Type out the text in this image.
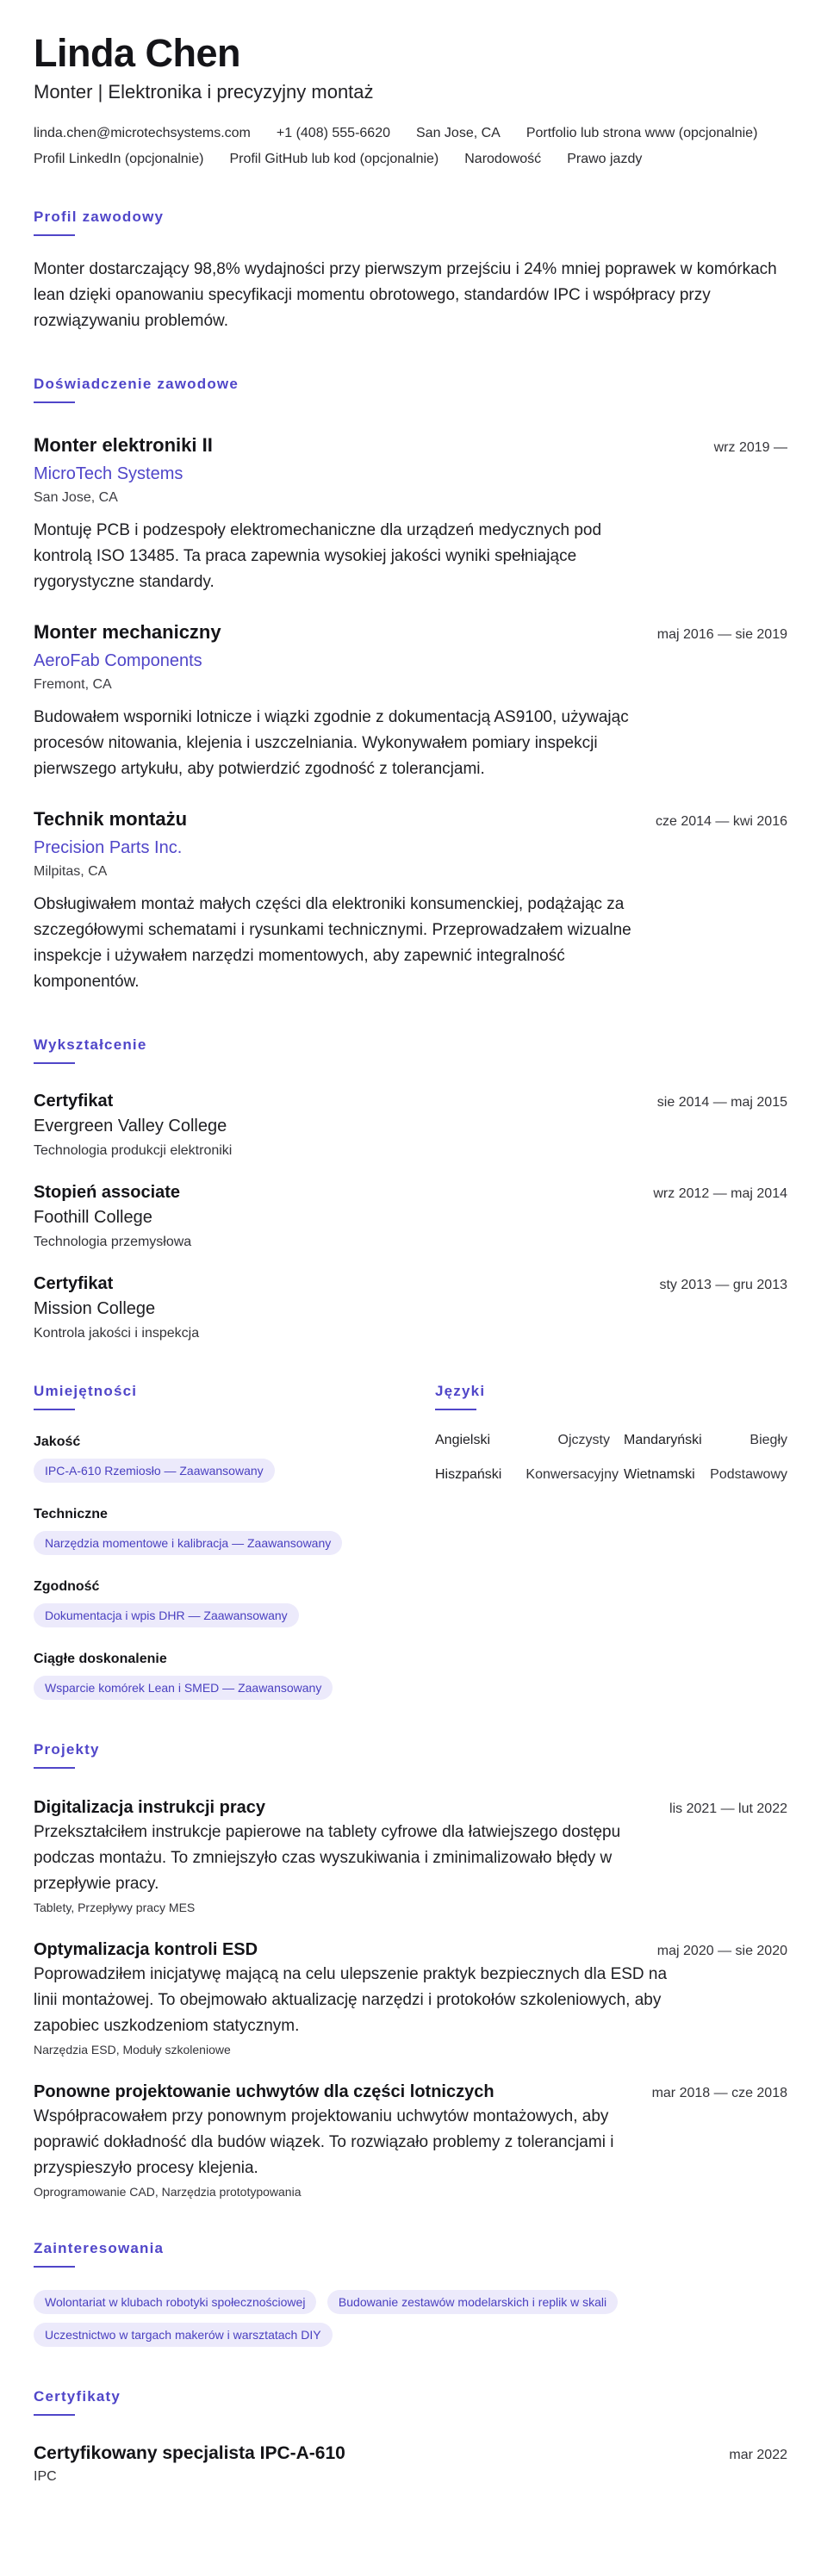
Linda Chen
Monter | Elektronika i precyzyjny montaż
linda.chen@microtechsystems.com +1 (408) 555-6620 San Jose, CA Portfolio lub strona www (opcjonalnie)
Profil LinkedIn (opcjonalnie) Profil GitHub lub kod (opcjonalnie) Narodowość Prawo jazdy
Profil zawodowy

Monter dostarczający 98,8% wydajności przy pierwszym przejściu i 24% mniej poprawek w komórkach lean dzięki opanowaniu specyfikacji momentu obrotowego, standardów IPC i współpracy przy rozwiązywaniu problemów.

Doświadczenie zawodowe
Monter elektroniki II	wrz 2019 —
MicroTech Systems
San Jose, CA

Montuję PCB i podzespoły elektromechaniczne dla urządzeń medycznych pod kontrolą ISO 13485. Ta praca zapewnia wysokiej jakości wyniki spełniające rygorystyczne standardy.

Monter mechaniczny	maj 2016 — sie 2019
AeroFab Components
Fremont, CA

Budowałem wsporniki lotnicze i wiązki zgodnie z dokumentacją AS9100, używając procesów nitowania, klejenia i uszczelniania. Wykonywałem pomiary inspekcji pierwszego artykułu, aby potwierdzić zgodność z tolerancjami.

Technik montażu	cze 2014 — kwi 2016
Precision Parts Inc.
Milpitas, CA

Obsługiwałem montaż małych części dla elektroniki konsumenckiej, podążając za szczegółowymi schematami i rysunkami technicznymi. Przeprowadzałem wizualne inspekcje i używałem narzędzi momentowych, aby zapewnić integralność komponentów.

Wykształcenie
Certyfikat	sie 2014 — maj 2015
Evergreen Valley College
Technologia produkcji elektroniki
Stopień associate	wrz 2012 — maj 2014
Foothill College
Technologia przemysłowa
Certyfikat	sty 2013 — gru 2013
Mission College
Kontrola jakości i inspekcja
Umiejętności
Jakość
IPC-A-610 Rzemiosło — Zaawansowany
Techniczne
Narzędzia momentowe i kalibracja — Zaawansowany
Zgodność
Dokumentacja i wpis DHR — Zaawansowany
Ciągłe doskonalenie
Wsparcie komórek Lean i SMED — Zaawansowany
Języki
Angielski	Ojczysty Mandaryński	Biegły
Hiszpański Konwersacyjny Wietnamski Podstawowy
Projekty
Digitalizacja instrukcji pracy	lis 2021 — lut 2022

Przekształciłem instrukcje papierowe na tablety cyfrowe dla łatwiejszego dostępu podczas montażu. To zmniejszyło czas wyszukiwania i zminimalizowało błędy w przepływie pracy.

Tablety, Przepływy pracy MES
Optymalizacja kontroli ESD	maj 2020 — sie 2020

Poprowadziłem inicjatywę mającą na celu ulepszenie praktyk bezpiecznych dla ESD na linii montażowej. To obejmowało aktualizację narzędzi i protokołów szkoleniowych, aby zapobiec uszkodzeniom statycznym.

Narzędzia ESD, Moduły szkoleniowe
Ponowne projektowanie uchwytów dla części lotniczych	mar 2018 — cze 2018

Współpracowałem przy ponownym projektowaniu uchwytów montażowych, aby poprawić dokładność dla budów wiązek. To rozwiązało problemy z tolerancjami i przyspieszyło procesy klejenia.

Oprogramowanie CAD, Narzędzia prototypowania
Zainteresowania
Wolontariat w klubach robotyki społecznościowej	Budowanie zestawów modelarskich i replik w skali Uczestnictwo w targach makerów i warsztatach DIY
Certyfikaty
Certyfikowany specjalista IPC-A-610	mar 2022
IPC
